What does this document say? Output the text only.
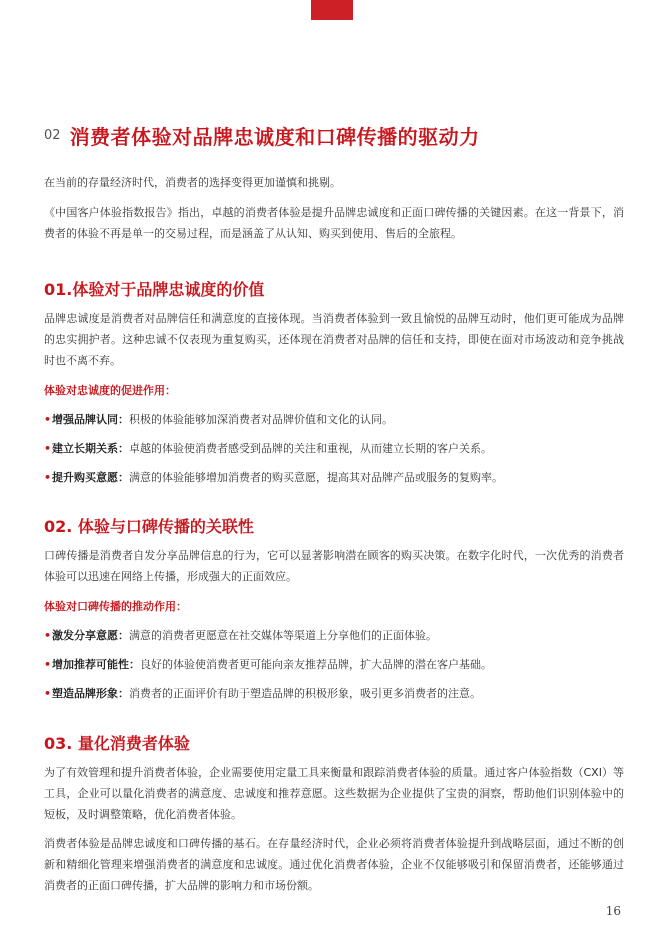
02 消费者体验对品牌忠诚度和口碑传播的驱动力

在当前的存量经济时代，消费者的选择变得更加谨慎和挑剔。

《中国客户体验指数报告》指出，卓越的消费者体验是提升品牌忠诚度和正面口碑传播的关键因素。在这一背景下，消费者的体验不再是单一的交易过程，而是涵盖了从认知、购买到使用、售后的全旅程。

01.体验对于品牌忠诚度的价值

品牌忠诚度是消费者对品牌信任和满意度的直接体现。当消费者体验到一致且愉悦的品牌互动时，他们更可能成为品牌的忠实拥护者。这种忠诚不仅表现为重复购买，还体现在消费者对品牌的信任和支持，即使在面对市场波动和竞争挑战时也不离不弃。

体验对忠诚度的促进作用：
•增强品牌认同：积极的体验能够加深消费者对品牌价值和文化的认同。
•建立长期关系：卓越的体验使消费者感受到品牌的关注和重视，从而建立长期的客户关系。
•提升购买意愿：满意的体验能够增加消费者的购买意愿，提高其对品牌产品或服务的复购率。
02. 体验与口碑传播的关联性

口碑传播是消费者自发分享品牌信息的行为，它可以显著影响潜在顾客的购买决策。在数字化时代，一次优秀的消费者体验可以迅速在网络上传播，形成强大的正面效应。

体验对口碑传播的推动作用：
•激发分享意愿：满意的消费者更愿意在社交媒体等渠道上分享他们的正面体验。
•增加推荐可能性：良好的体验使消费者更可能向亲友推荐品牌，扩大品牌的潜在客户基础。
•塑造品牌形象：消费者的正面评价有助于塑造品牌的积极形象，吸引更多消费者的注意。
03. 量化消费者体验

为了有效管理和提升消费者体验，企业需要使用定量工具来衡量和跟踪消费者体验的质量。通过客户体验指数（CXI）等工具，企业可以量化消费者的满意度、忠诚度和推荐意愿。这些数据为企业提供了宝贵的洞察，帮助他们识别体验中的短板，及时调整策略，优化消费者体验。

消费者体验是品牌忠诚度和口碑传播的基石。在存量经济时代，企业必须将消费者体验提升到战略层面，通过不断的创新和精细化管理来增强消费者的满意度和忠诚度。通过优化消费者体验，企业不仅能够吸引和保留消费者，还能够通过消费者的正面口碑传播，扩大品牌的影响力和市场份额。

16
